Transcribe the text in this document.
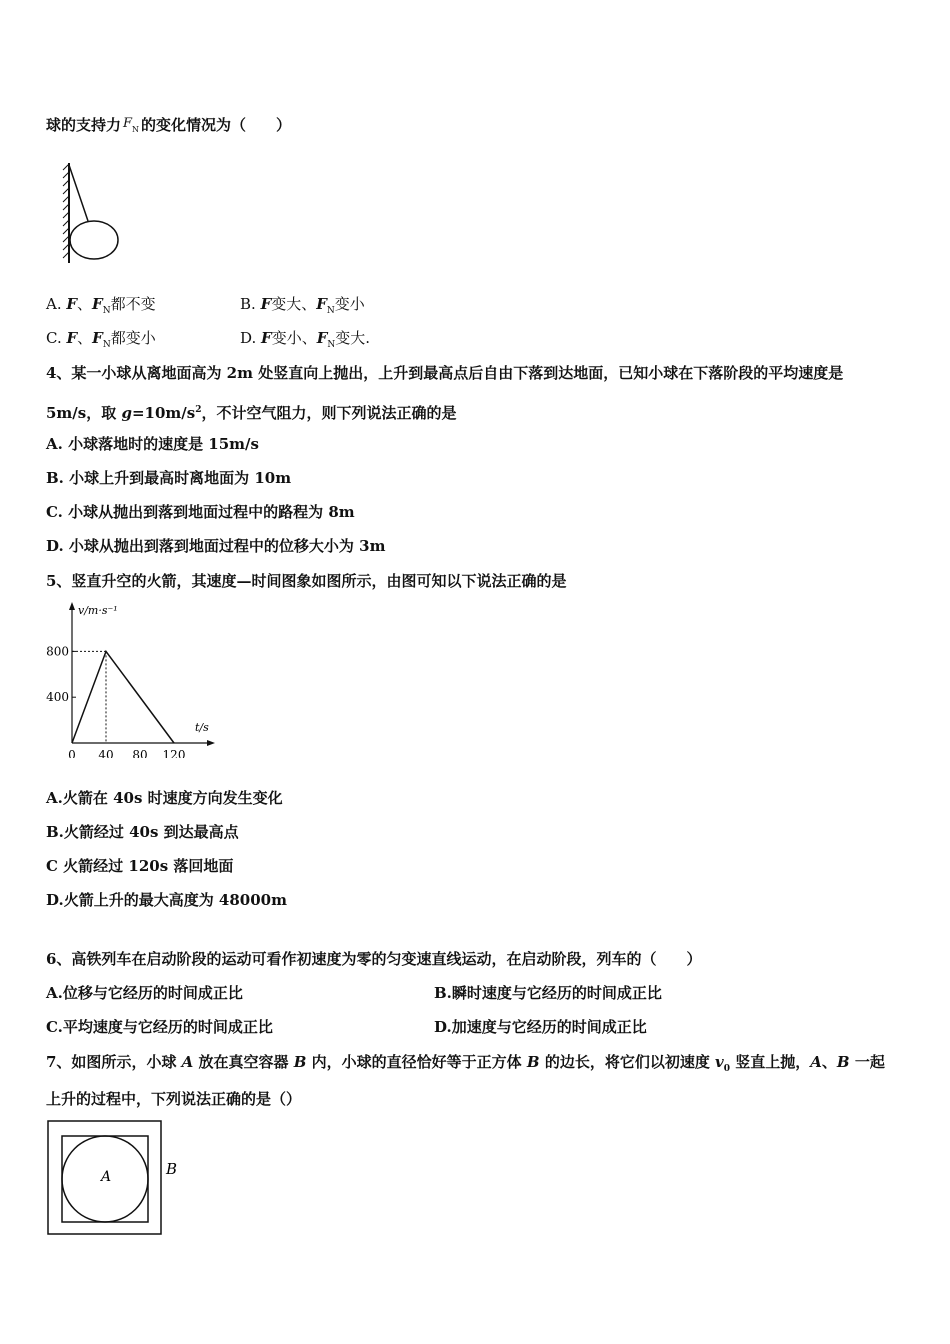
球的支持力 F N 的变化情况为（　　）
A. F、$F_N$都不变	B. F变大、$F_N$变小
C. F、$F_N$都变小	D. F变小、$F_N$变大.
4、某一小球从离地面高为 2m 处竖直向上抛出，上升到最高点后自由下落到达地面，已知小球在下落阶段的平均速度是
5m/s，取 $g=10m/s^2$，不计空气阻力，则下列说法正确的是
A. 小球落地时的速度是 15m/s
B. 小球上升到最高时离地面为 10m
C. 小球从抛出到落到地面过程中的路程为 8m
D. 小球从抛出到落到地面过程中的位移大小为 3m
5、竖直升空的火箭，其速度—时间图象如图所示，由图可知以下说法正确的是
v/m·s⁻¹
t/s
0 40 80 120
400
800
A.火箭在 40s 时速度方向发生变化
B.火箭经过 40s 到达最高点
C 火箭经过 120s 落回地面
D.火箭上升的最大高度为 48000m
6、高铁列车在启动阶段的运动可看作初速度为零的匀变速直线运动，在启动阶段，列车的（　　）
A.位移与它经历的时间成正比	B.瞬时速度与它经历的时间成正比
C.平均速度与它经历的时间成正比	D.加速度与它经历的时间成正比
7、如图所示，小球 A 放在真空容器 B 内，小球的直径恰好等于正方体 B 的边长，将它们以初速度 $v_0$ 竖直上抛，A、B 一起
上升的过程中，下列说法正确的是（）
A	B
